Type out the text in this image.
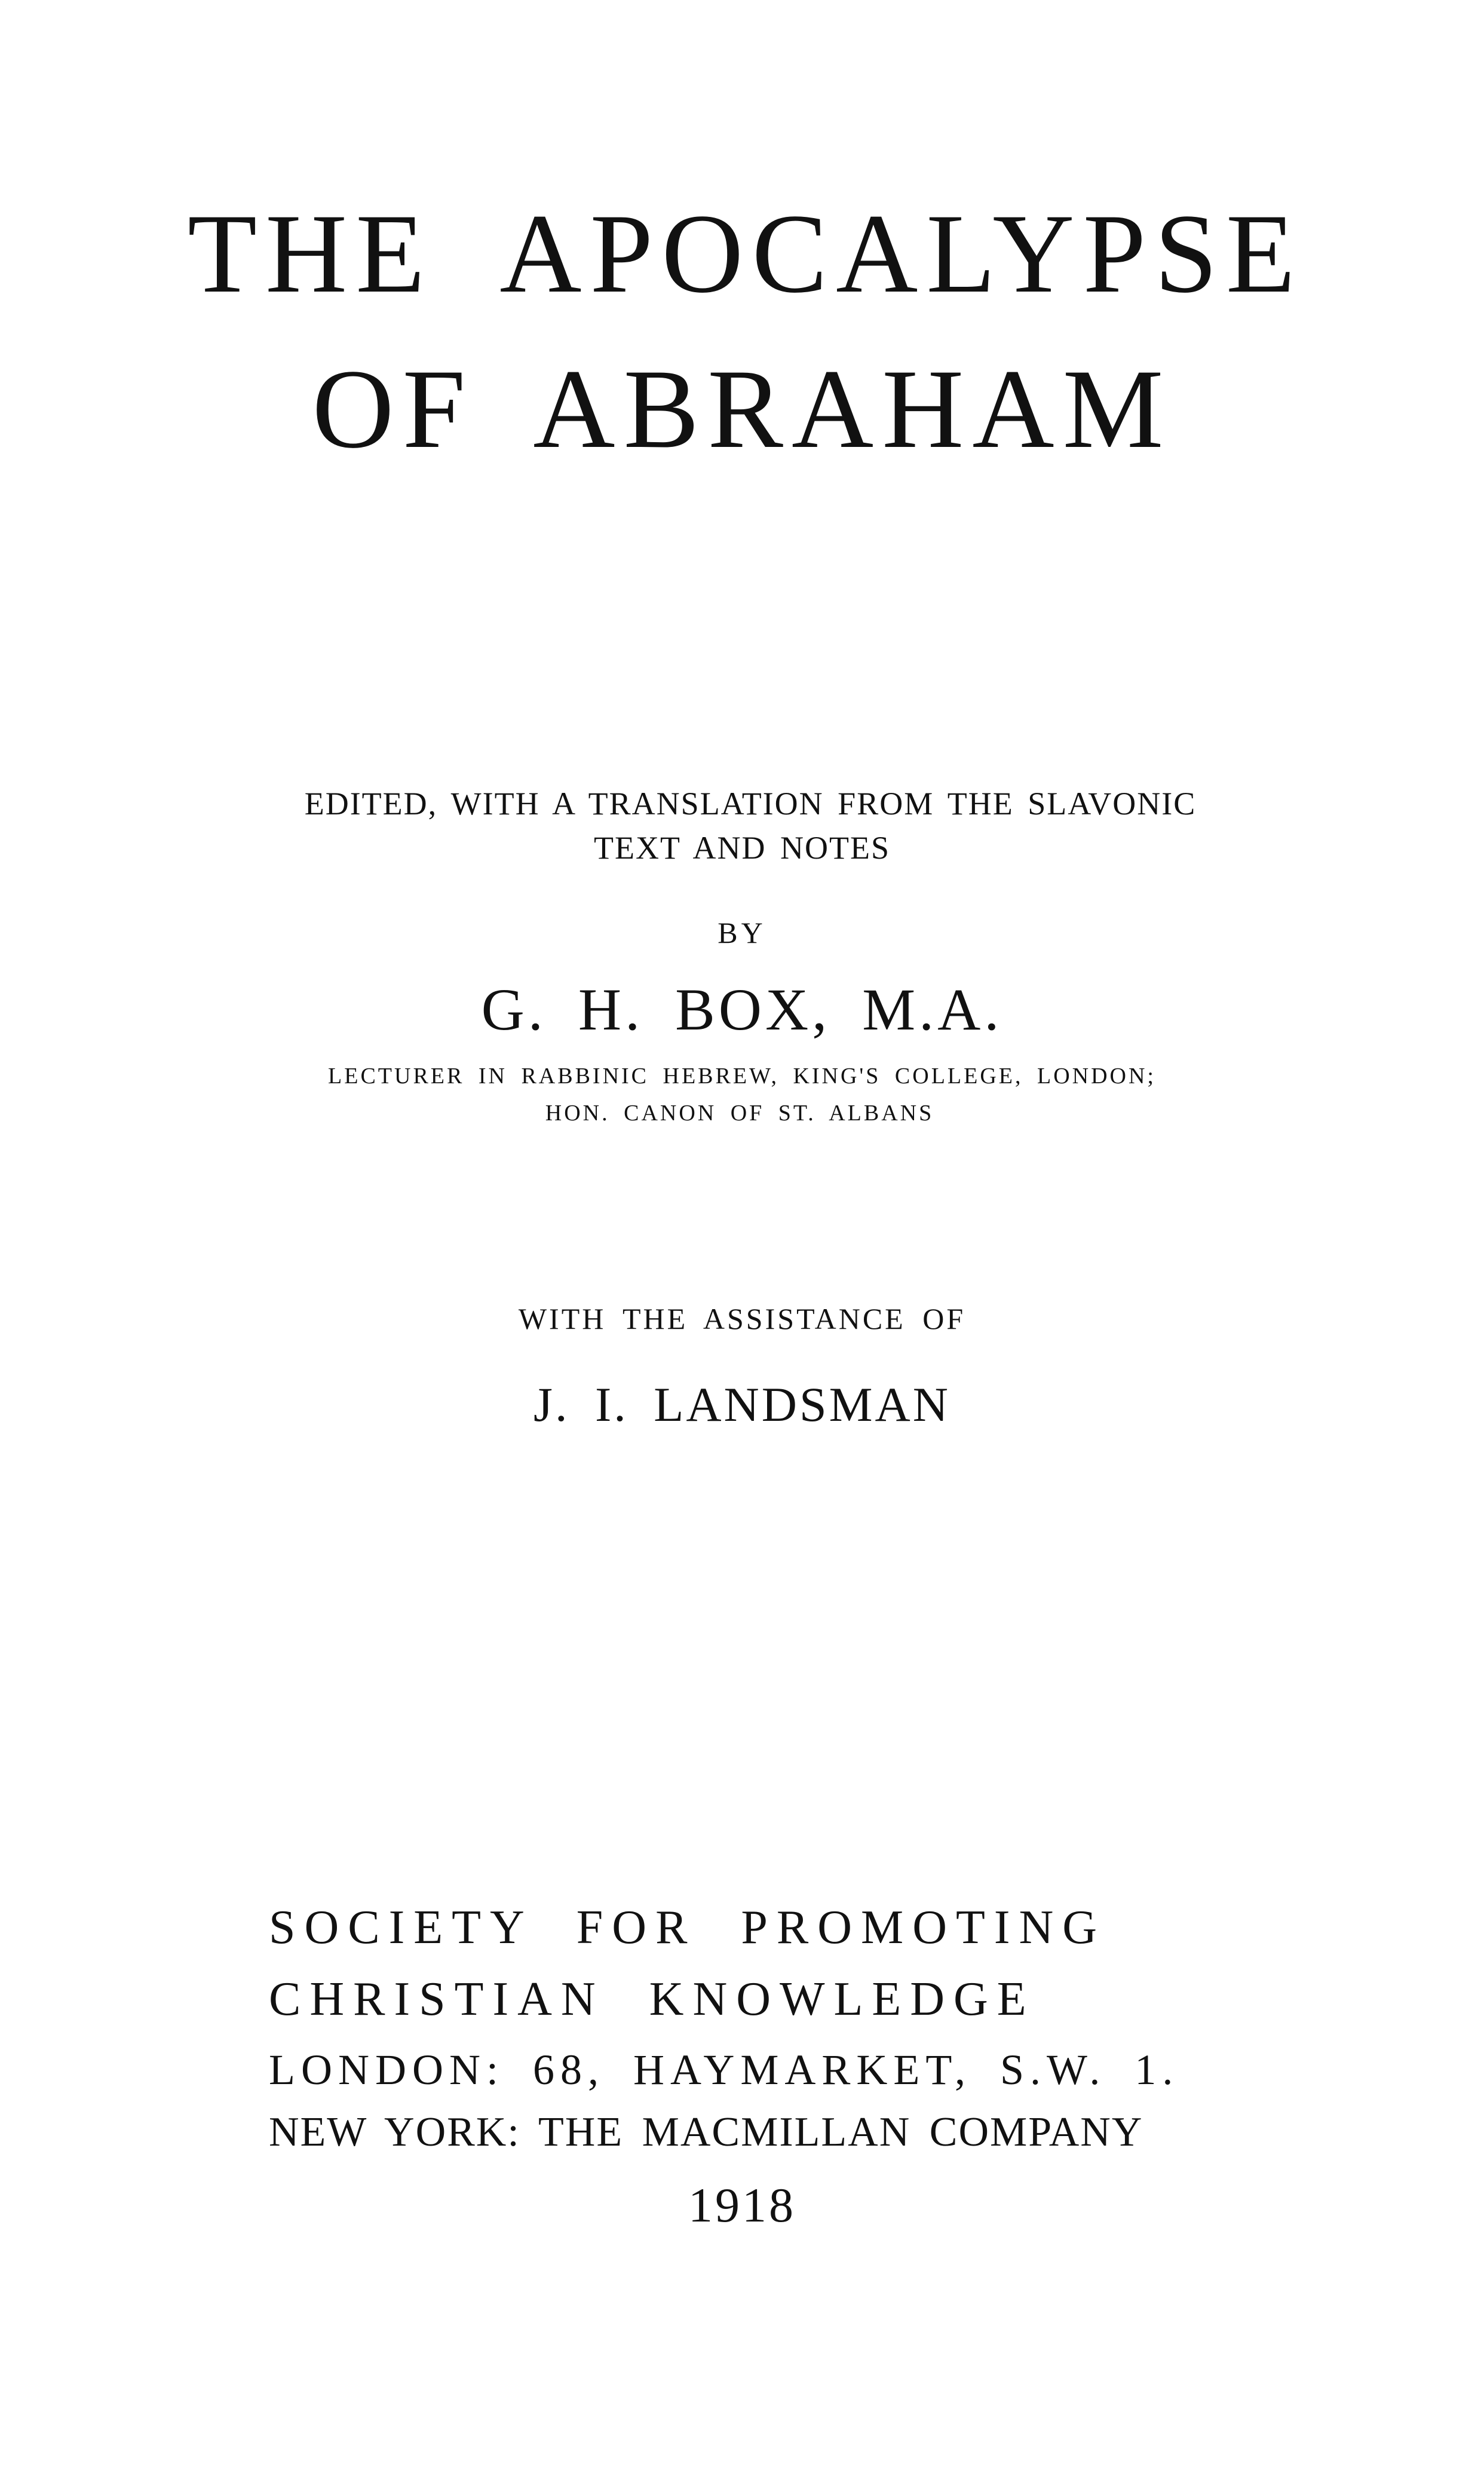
THE APOCALYPSE
OF ABRAHAM
EDITED, WITH A TRANSLATION FROM THE SLAVONIC
TEXT AND NOTES
BY
G. H. BOX, M.A.
LECTURER IN RABBINIC HEBREW, KING'S COLLEGE, LONDON;
HON. CANON OF ST. ALBANS
WITH THE ASSISTANCE OF
J. I. LANDSMAN
SOCIETY FOR PROMOTING
CHRISTIAN KNOWLEDGE
LONDON: 68, HAYMARKET, S.W. 1.
NEW YORK: THE MACMILLAN COMPANY
1918
